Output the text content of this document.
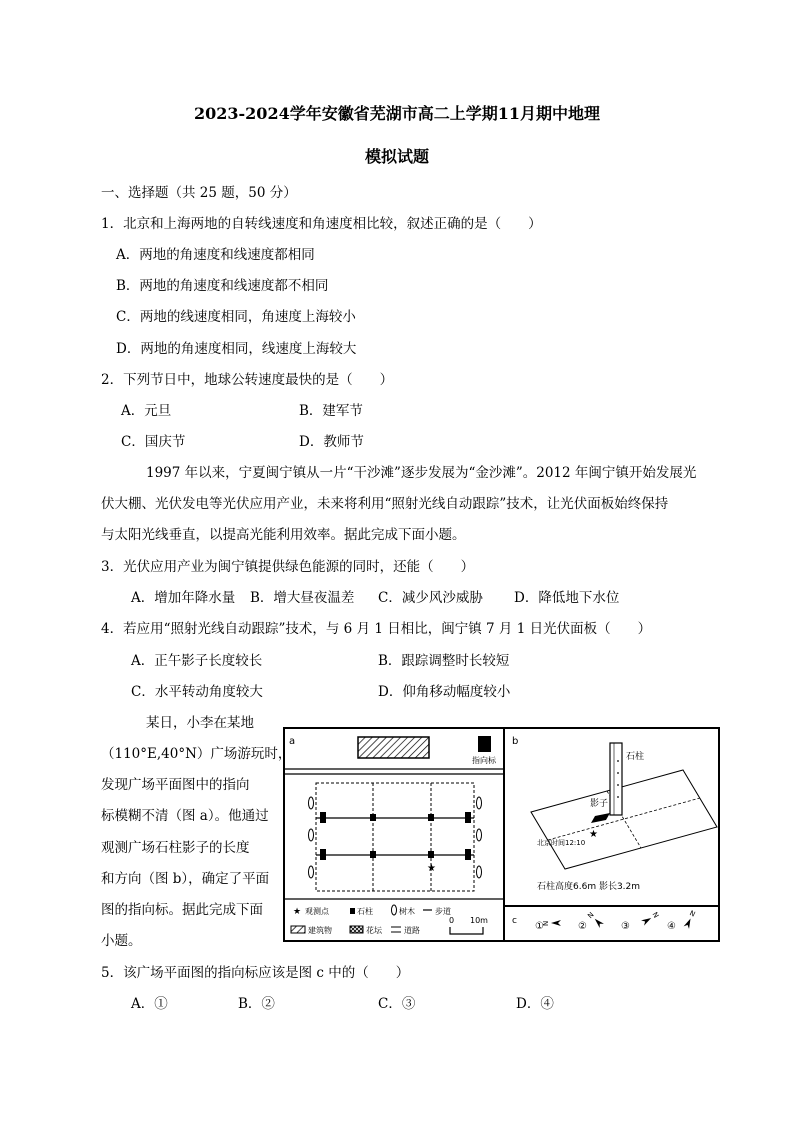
2023-2024学年安徽省芜湖市高二上学期11月期中地理
模拟试题
一、选择题（共 25 题，50 分）
1．北京和上海两地的自转线速度和角速度相比较，叙述正确的是（　　）
A．两地的角速度和线速度都相同
B．两地的角速度和线速度都不相同
C．两地的线速度相同，角速度上海较小
D．两地的角速度相同，线速度上海较大
2．下列节日中，地球公转速度最快的是（　　）
A．元旦	B．建军节
C．国庆节	D．教师节
1997 年以来，宁夏闽宁镇从一片“干沙滩”逐步发展为“金沙滩”。2012 年闽宁镇开始发展光
伏大棚、光伏发电等光伏应用产业，未来将利用“照射光线自动跟踪”技术，让光伏面板始终保持
与太阳光线垂直，以提高光能利用效率。据此完成下面小题。
3．光伏应用产业为闽宁镇提供绿色能源的同时，还能（　　）
A．增加年降水量 B．增大昼夜温差 C．减少风沙威胁 D．降低地下水位
4．若应用“照射光线自动跟踪”技术，与 6 月 1 日相比，闽宁镇 7 月 1 日光伏面板（　　）
A．正午影子长度较长	B．跟踪调整时长较短
C．水平转动角度较大	D．仰角移动幅度较小
某日，小李在某地
（110°E,40°N）广场游玩时，
发现广场平面图中的指向
标模糊不清（图 a）。他通过
观测广场石柱影子的长度
和方向（图 b），确定了平面
图的指向标。据此完成下面
小题。
a
指向标
★
★ 观测点	石柱	树木	步道
建筑物	花坛	道路
0 10m
b
石柱
影子
★
北京时间12:10
石柱高度6.6m 影长3.2m
c ①
N	②
N
③
N
④
N
5．该广场平面图的指向标应该是图 c 中的（　　）
A．①	B．②	C．③	D．④
